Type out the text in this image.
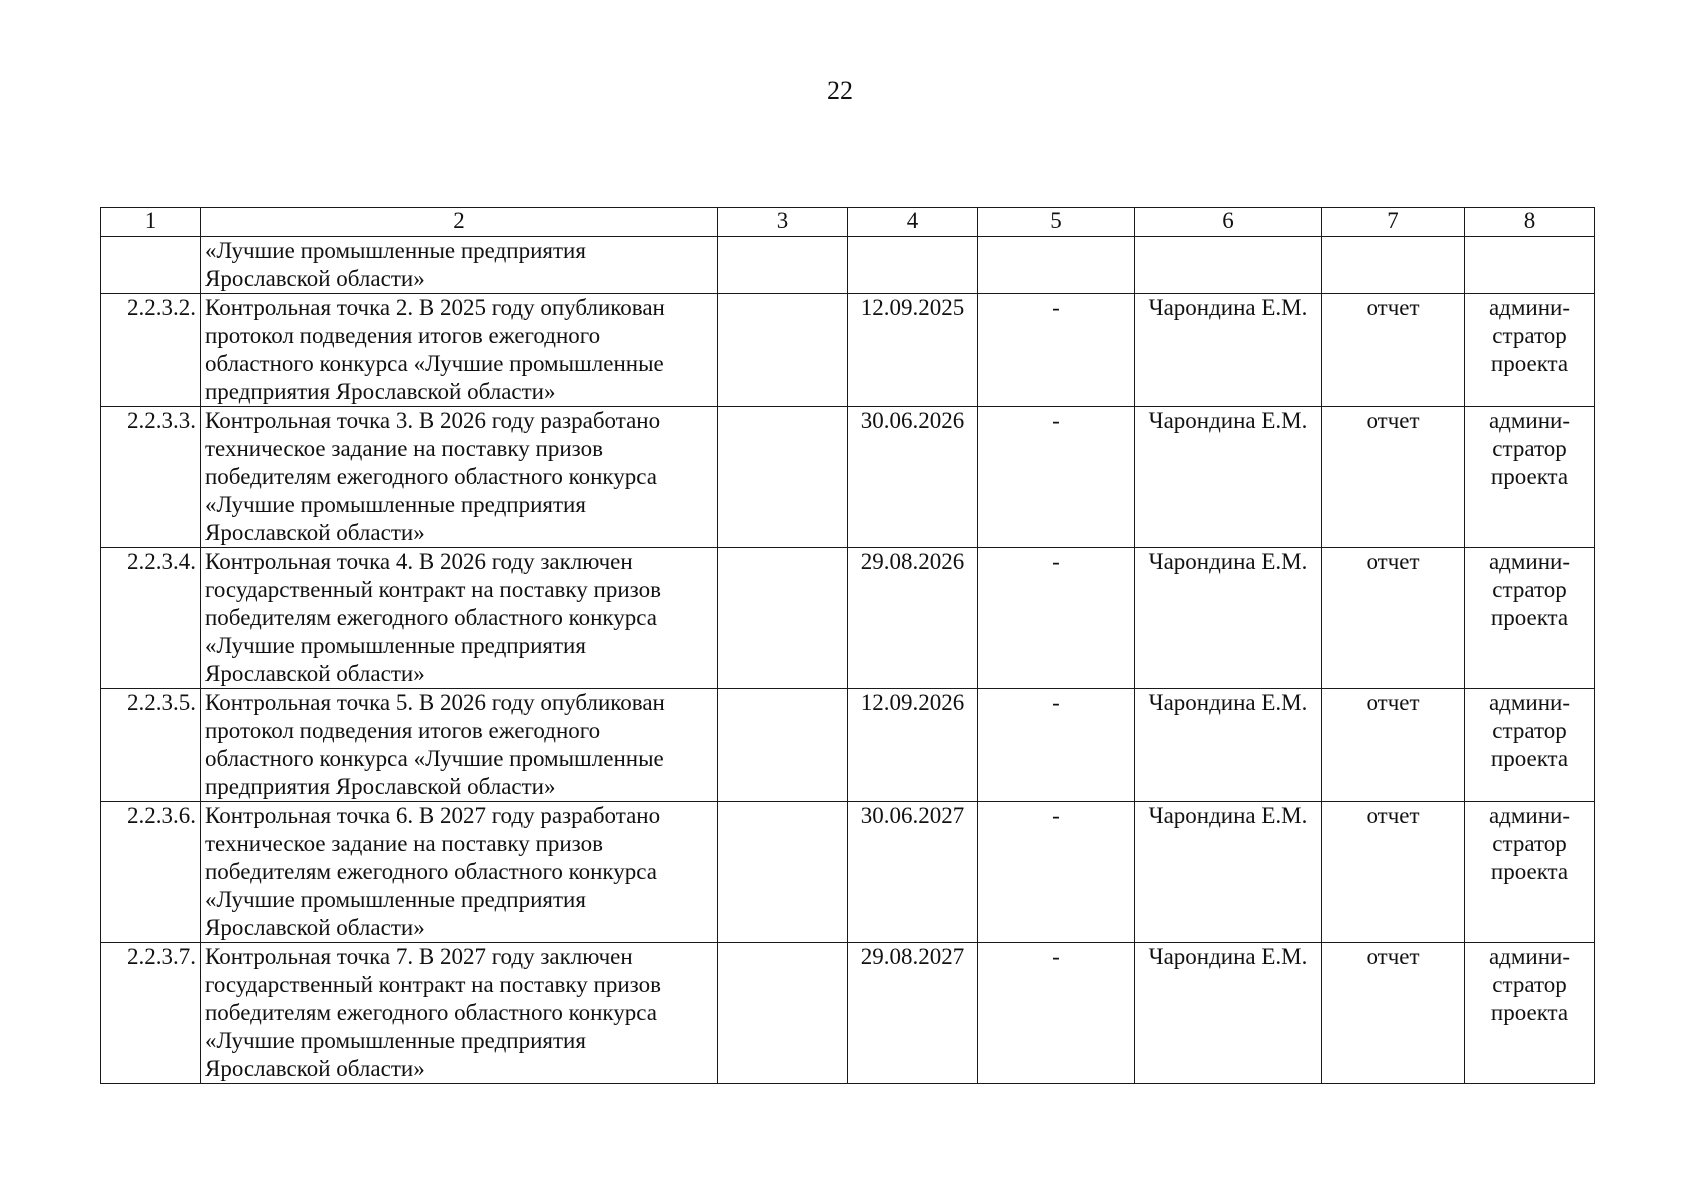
22
1	2	3	4	5	6	7	8
	«Лучшие промышленные предприятия Ярославской области»						
2.2.3.2.	Контрольная точка 2. В 2025 году опубликован протокол подведения итогов ежегодного областного конкурса «Лучшие промышленные предприятия Ярославской области»		12.09.2025	-	Чарондина Е.М.	отчет	админи-стратор проекта
2.2.3.3.	Контрольная точка 3. В 2026 году разработано техническое задание на поставку призов победителям ежегодного областного конкурса «Лучшие промышленные предприятия Ярославской области»		30.06.2026	-	Чарондина Е.М.	отчет	админи-стратор проекта
2.2.3.4.	Контрольная точка 4. В 2026 году заключен государственный контракт на поставку призов победителям ежегодного областного конкурса «Лучшие промышленные предприятия Ярославской области»		29.08.2026	-	Чарондина Е.М.	отчет	админи-стратор проекта
2.2.3.5.	Контрольная точка 5. В 2026 году опубликован протокол подведения итогов ежегодного областного конкурса «Лучшие промышленные предприятия Ярославской области»		12.09.2026	-	Чарондина Е.М.	отчет	админи-стратор проекта
2.2.3.6.	Контрольная точка 6. В 2027 году разработано техническое задание на поставку призов победителям ежегодного областного конкурса «Лучшие промышленные предприятия Ярославской области»		30.06.2027	-	Чарондина Е.М.	отчет	админи-стратор проекта
2.2.3.7.	Контрольная точка 7. В 2027 году заключен государственный контракт на поставку призов победителям ежегодного областного конкурса «Лучшие промышленные предприятия Ярославской области»		29.08.2027	-	Чарондина Е.М.	отчет	админи-стратор проекта
